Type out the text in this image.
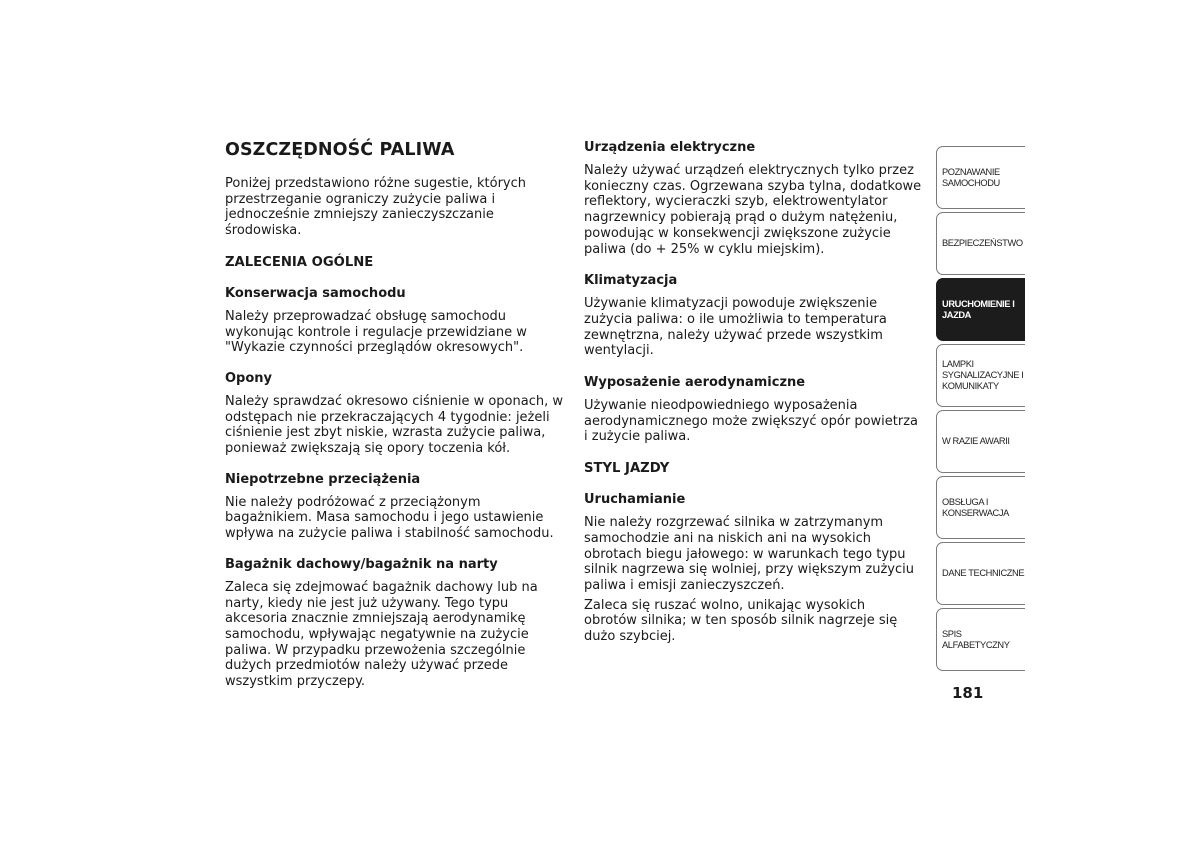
OSZCZĘDNOŚĆ PALIWA

Poniżej przedstawiono różne sugestie, których przestrzeganie ograniczy zużycie paliwa i jednocześnie zmniejszy zanieczyszczanie środowiska.

ZALECENIA OGÓLNE
Konserwacja samochodu

Należy przeprowadzać obsługę samochodu wykonując kontrole i regulacje przewidziane w "Wykazie czynności przeglądów okresowych".

Opony

Należy sprawdzać okresowo ciśnienie w oponach, w odstępach nie przekraczających 4 tygodnie: jeżeli ciśnienie jest zbyt niskie, wzrasta zużycie paliwa, ponieważ zwiększają się opory toczenia kół.

Niepotrzebne przeciążenia

Nie należy podróżować z przeciążonym bagażnikiem. Masa samochodu i jego ustawienie wpływa na zużycie paliwa i stabilność samochodu.

Bagażnik dachowy/bagażnik na narty

Zaleca się zdejmować bagażnik dachowy lub na narty, kiedy nie jest już używany. Tego typu akcesoria znacznie zmniejszają aerodynamikę samochodu, wpływając negatywnie na zużycie paliwa. W przypadku przewożenia szczególnie dużych przedmiotów należy używać przede wszystkim przyczepy.

Urządzenia elektryczne

Należy używać urządzeń elektrycznych tylko przez konieczny czas. Ogrzewana szyba tylna, dodatkowe reflektory, wycieraczki szyb, elektrowentylator nagrzewnicy pobierają prąd o dużym natężeniu, powodując w konsekwencji zwiększone zużycie paliwa (do + 25% w cyklu miejskim).

Klimatyzacja

Używanie klimatyzacji powoduje zwiększenie zużycia paliwa: o ile umożliwia to temperatura zewnętrzna, należy używać przede wszystkim wentylacji.

Wyposażenie aerodynamiczne

Używanie nieodpowiedniego wyposażenia aerodynamicznego może zwiększyć opór powietrza i zużycie paliwa.

STYL JAZDY
Uruchamianie

Nie należy rozgrzewać silnika w zatrzymanym samochodzie ani na niskich ani na wysokich obrotach biegu jałowego: w warunkach tego typu silnik nagrzewa się wolniej, przy większym zużyciu paliwa i emisji zanieczyszczeń.

Zaleca się ruszać wolno, unikając wysokich obrotów silnika; w ten sposób silnik nagrzeje się dużo szybciej.

POZNAWANIE
SAMOCHODU
BEZPIECZEŃSTWO
URUCHOMIENIE I
JAZDA
LAMPKI
SYGNALIZACYJNE I
KOMUNIKATY
W RAZIE AWARII
OBSŁUGA I
KONSERWACJA
DANE TECHNICZNE
SPIS ALFABETYCZNY
181
